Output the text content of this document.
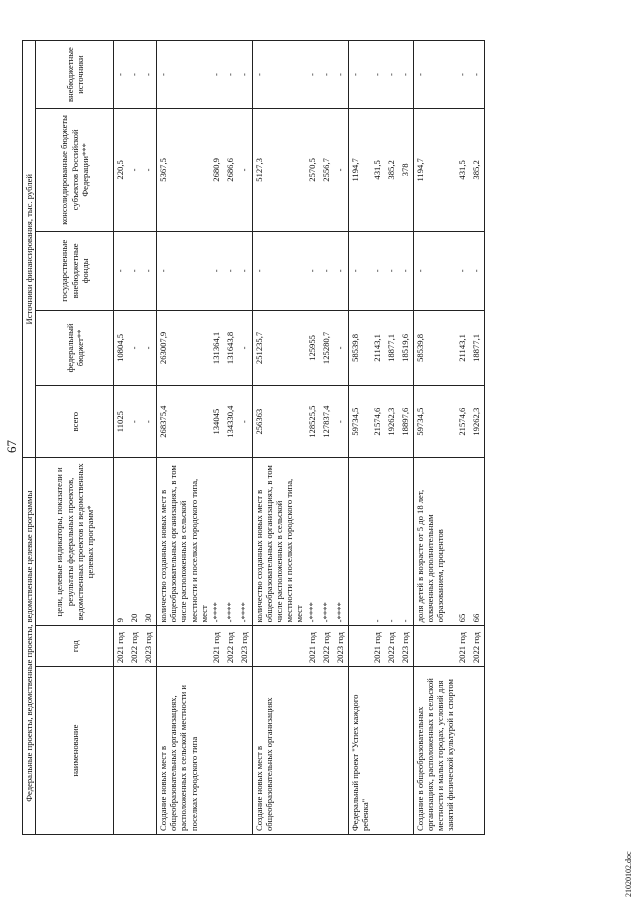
67
Федеральные проекты, ведомственные проекты, ведомственные целевые программы			Источники финансирования, тыс. рублей				
наименование	год	цели, целевые индикаторы, показатели и результаты федеральных проектов, ведомственных проектов и ведомственных целевых программ*	всего	федеральный бюджет**	государственные внебюджетные фонды	консолидированные бюджеты субъектов Российской Федерации***	внебюджетные источники
	2021 год	9	11025	10804,5	-	220,5	-
	2022 год	20	-	-	-	-	-
	2023 год	30	-	-	-	-	-
Создание новых мест в общеобразовательных организациях, расположенных в сельской местности и поселках городского типа		количество созданных новых мест в общеобразовательных организациях, в том числе расположенных в сельской местности и поселках городского типа, мест	268375,4	263007,9	-	5367,5	-
	2021 год	-****	134045	131364,1	-	2680,9	-
	2022 год	-****	134330,4	131643,8	-	2686,6	-
	2023 год	-****	-	-	-	-	-
Создание новых мест в общеобразовательных организациях		количество созданных новых мест в общеобразовательных организациях, в том числе расположенных в сельской местности и поселках городского типа, мест	256363	251235,7	-	5127,3	-
	2021 год	-****	128525,5	125955	-	2570,5	-
	2022 год	-****	127837,4	125280,7	-	2556,7	-
	2023 год	-****	-	-	-	-	-
Федеральный проект "Успех каждого ребенка"			59734,5	58539,8	-	1194,7	-
	2021 год	-	21574,6	21143,1	-	431,5	-
	2022 год	-	19262,3	18877,1	-	385,2	-
	2023 год	-	18897,6	18519,6	-	378	-
Создание в общеобразовательных организациях, расположенных в сельской местности и малых городах, условий для занятий физической культурой и спортом		доля детей в возрасте от 5 до 18 лет, охваченных дополнительным образованием, процентов	59734,5	58539,8	-	1194,7	-
	2021 год	65	21574,6	21143,1	-	431,5	-
	2022 год	66	19262,3	18877,1	-	385,2	-
21020102.doc
